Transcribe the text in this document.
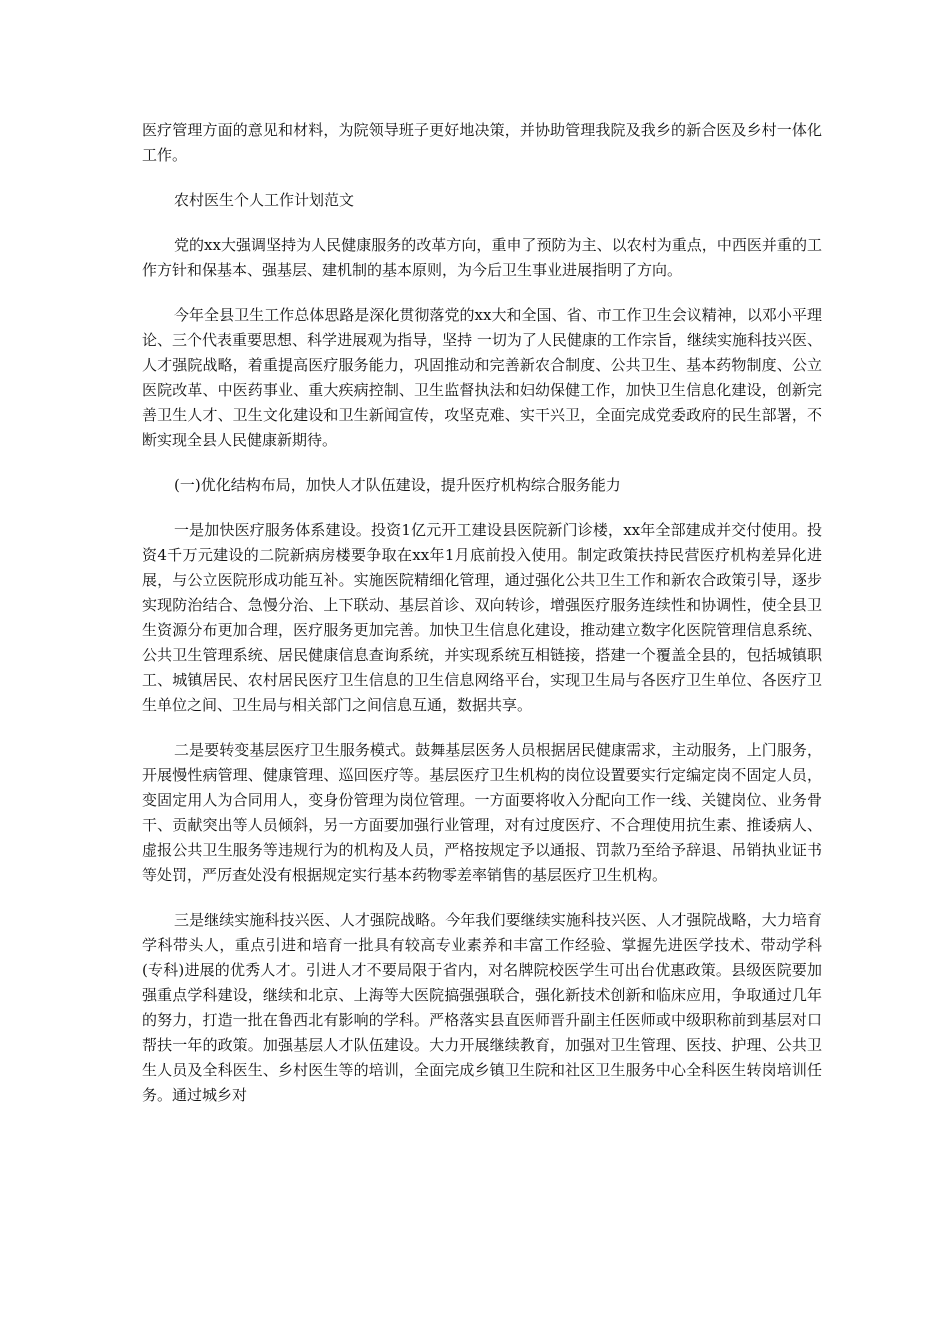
医疗管理方面的意见和材料，为院领导班子更好地决策，并协助管理我院及我乡的新合医及乡村一体化工作。

农村医生个人工作计划范文

党的xx大强调坚持为人民健康服务的改革方向，重申了预防为主、以农村为重点，中西医并重的工作方针和保基本、强基层、建机制的基本原则，为今后卫生事业进展指明了方向。

今年全县卫生工作总体思路是深化贯彻落党的xx大和全国、省、市工作卫生会议精神，以邓小平理论、三个代表重要思想、科学进展观为指导，坚持 一切为了人民健康的工作宗旨，继续实施科技兴医、人才强院战略，着重提高医疗服务能力，巩固推动和完善新农合制度、公共卫生、基本药物制度、公立医院改革、中医药事业、重大疾病控制、卫生监督执法和妇幼保健工作，加快卫生信息化建设，创新完善卫生人才、卫生文化建设和卫生新闻宣传，攻坚克难、实干兴卫，全面完成党委政府的民生部署，不断实现全县人民健康新期待。

(一)优化结构布局，加快人才队伍建设，提升医疗机构综合服务能力

一是加快医疗服务体系建设。投资1亿元开工建设县医院新门诊楼，xx年全部建成并交付使用。投资4千万元建设的二院新病房楼要争取在xx年1月底前投入使用。制定政策扶持民营医疗机构差异化进展，与公立医院形成功能互补。实施医院精细化管理，通过强化公共卫生工作和新农合政策引导，逐步实现防治结合、急慢分治、上下联动、基层首诊、双向转诊，增强医疗服务连续性和协调性，使全县卫生资源分布更加合理，医疗服务更加完善。加快卫生信息化建设，推动建立数字化医院管理信息系统、公共卫生管理系统、居民健康信息查询系统，并实现系统互相链接，搭建一个覆盖全县的，包括城镇职工、城镇居民、农村居民医疗卫生信息的卫生信息网络平台，实现卫生局与各医疗卫生单位、各医疗卫生单位之间、卫生局与相关部门之间信息互通，数据共享。

二是要转变基层医疗卫生服务模式。鼓舞基层医务人员根据居民健康需求，主动服务，上门服务，开展慢性病管理、健康管理、巡回医疗等。基层医疗卫生机构的岗位设置要实行定编定岗不固定人员，变固定用人为合同用人，变身份管理为岗位管理。一方面要将收入分配向工作一线、关键岗位、业务骨干、贡献突出等人员倾斜，另一方面要加强行业管理，对有过度医疗、不合理使用抗生素、推诿病人、虚报公共卫生服务等违规行为的机构及人员，严格按规定予以通报、罚款乃至给予辞退、吊销执业证书等处罚，严厉查处没有根据规定实行基本药物零差率销售的基层医疗卫生机构。

三是继续实施科技兴医、人才强院战略。今年我们要继续实施科技兴医、人才强院战略，大力培育学科带头人，重点引进和培育一批具有较高专业素养和丰富工作经验、掌握先进医学技术、带动学科(专科)进展的优秀人才。引进人才不要局限于省内，对名牌院校医学生可出台优惠政策。县级医院要加强重点学科建设，继续和北京、上海等大医院搞强强联合，强化新技术创新和临床应用，争取通过几年的努力，打造一批在鲁西北有影响的学科。严格落实县直医师晋升副主任医师或中级职称前到基层对口帮扶一年的政策。加强基层人才队伍建设。大力开展继续教育，加强对卫生管理、医技、护理、公共卫生人员及全科医生、乡村医生等的培训，全面完成乡镇卫生院和社区卫生服务中心全科医生转岗培训任务。通过城乡对
